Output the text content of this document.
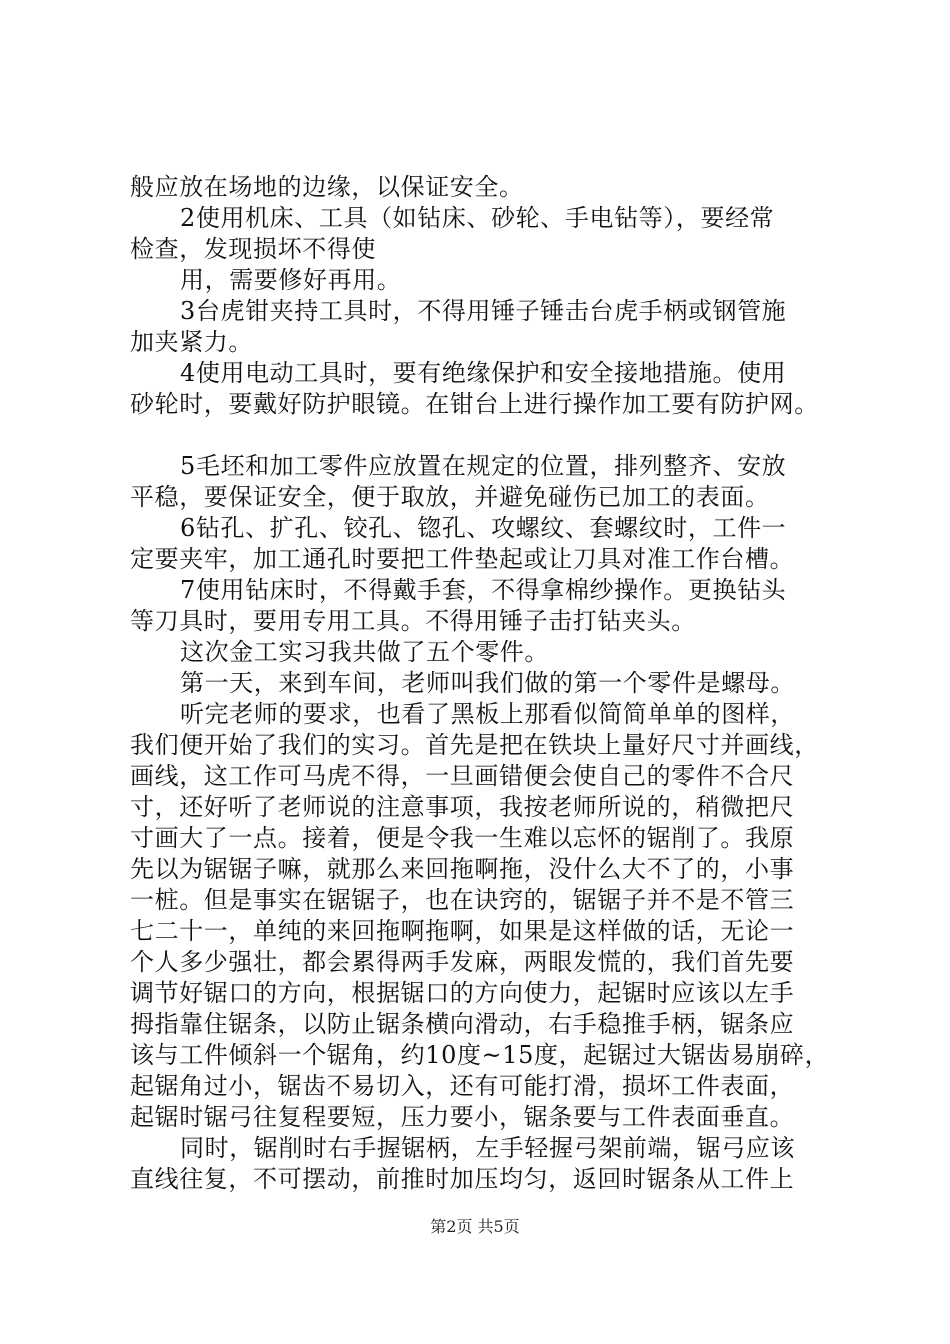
般应放在场地的边缘，以保证安全。
2使用机床、工具（如钻床、砂轮、手电钻等），要经常
检查，发现损坏不得使
用，需要修好再用。
3台虎钳夹持工具时，不得用锤子锤击台虎手柄或钢管施
加夹紧力。
4使用电动工具时，要有绝缘保护和安全接地措施。使用
砂轮时，要戴好防护眼镜。在钳台上进行操作加工要有防护网。
5毛坯和加工零件应放置在规定的位置，排列整齐、安放
平稳，要保证安全，便于取放，并避免碰伤已加工的表面。
6钻孔、扩孔、铰孔、锪孔、攻螺纹、套螺纹时，工件一
定要夹牢，加工通孔时要把工件垫起或让刀具对准工作台槽。
7使用钻床时，不得戴手套，不得拿棉纱操作。更换钻头
等刀具时，要用专用工具。不得用锤子击打钻夹头。
这次金工实习我共做了五个零件。
第一天，来到车间，老师叫我们做的第一个零件是螺母。
听完老师的要求，也看了黑板上那看似简简单单的图样，
我们便开始了我们的实习。首先是把在铁块上量好尺寸并画线，
画线，这工作可马虎不得，一旦画错便会使自己的零件不合尺
寸，还好听了老师说的注意事项，我按老师所说的，稍微把尺
寸画大了一点。接着，便是令我一生难以忘怀的锯削了。我原
先以为锯锯子嘛，就那么来回拖啊拖，没什么大不了的，小事
一桩。但是事实在锯锯子，也在诀窍的，锯锯子并不是不管三
七二十一，单纯的来回拖啊拖啊，如果是这样做的话，无论一
个人多少强壮，都会累得两手发麻，两眼发慌的，我们首先要
调节好锯口的方向，根据锯口的方向使力，起锯时应该以左手
拇指靠住锯条，以防止锯条横向滑动，右手稳推手柄，锯条应
该与工件倾斜一个锯角，约10度~15度，起锯过大锯齿易崩碎，
起锯角过小，锯齿不易切入，还有可能打滑，损坏工件表面，
起锯时锯弓往复程要短，压力要小，锯条要与工件表面垂直。
同时，锯削时右手握锯柄，左手轻握弓架前端，锯弓应该
直线往复，不可摆动，前推时加压均匀，返回时锯条从工件上
第2页 共5页
